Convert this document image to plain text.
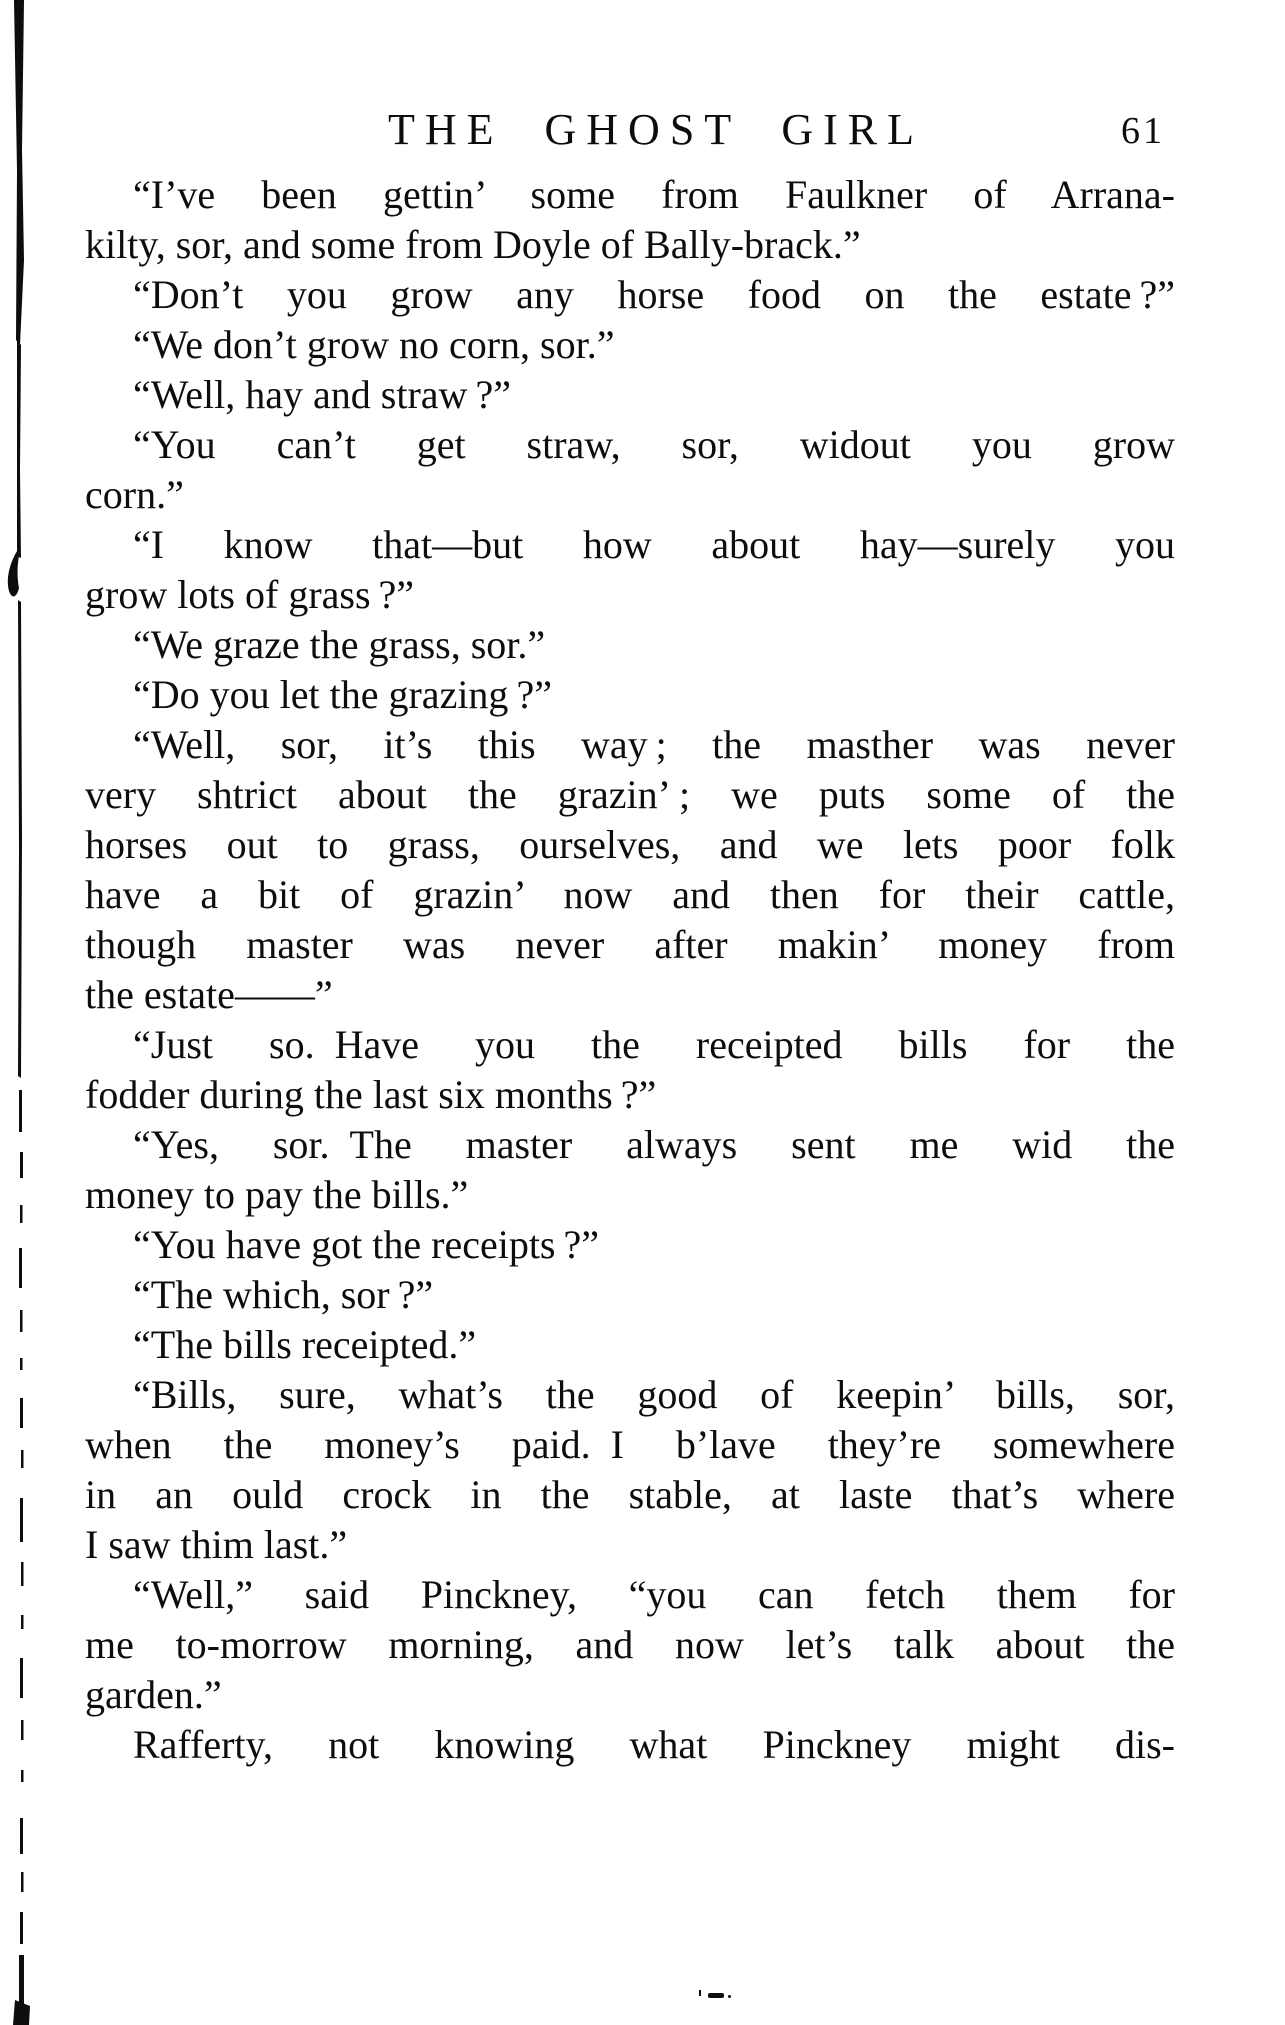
THE GHOST GIRL	61
“I’ve been gettin’ some from Faulkner of Arrana-
kilty, sor, and some from Doyle of Bally-brack.”
“Don’t you grow any horse food on the estate ?”
“We don’t grow no corn, sor.”
“Well, hay and straw ?”
“You can’t get straw, sor, widout you grow
corn.”
“I know that—but how about hay—surely you
grow lots of grass ?”
“We graze the grass, sor.”
“Do you let the grazing ?”
“Well, sor, it’s this way ; the masther was never
very shtrict about the grazin’ ; we puts some of the
horses out to grass, ourselves, and we lets poor folk
have a bit of grazin’ now and then for their cattle,
though master was never after makin’ money from
the estate——”
“Just so. Have you the receipted bills for the
fodder during the last six months ?”
“Yes, sor. The master always sent me wid the
money to pay the bills.”
“You have got the receipts ?”
“The which, sor ?”
“The bills receipted.”
“Bills, sure, what’s the good of keepin’ bills, sor,
when the money’s paid. I b’lave they’re somewhere
in an ould crock in the stable, at laste that’s where
I saw thim last.”
“Well,” said Pinckney, “you can fetch them for
me to-morrow morning, and now let’s talk about the
garden.”
Rafferty, not knowing what Pinckney might dis-
